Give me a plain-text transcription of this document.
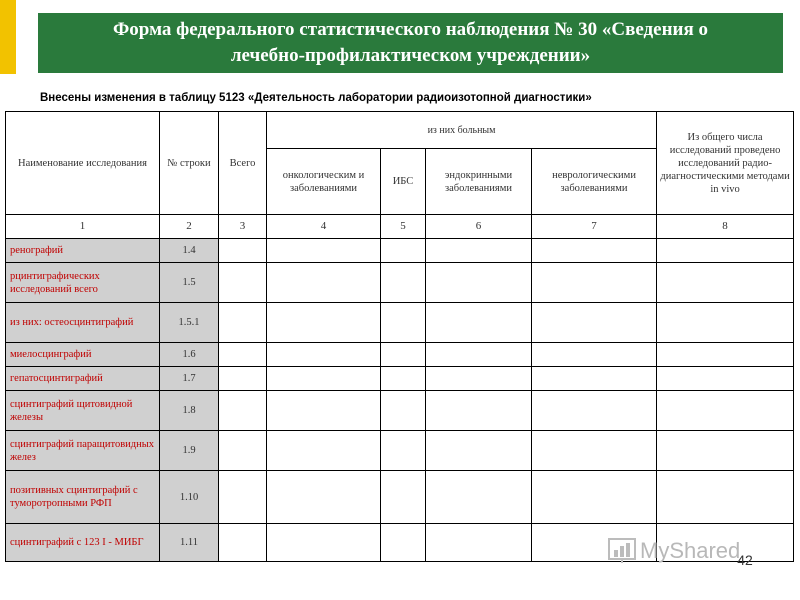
Форма федерального статистического наблюдения № 30 «Сведения о
лечебно-профилактическом учреждении»
Внесены изменения в таблицу 5123 «Деятельность лаборатории радиоизотопной диагностики»
Наименование исследования	№ строки	Всего	из них больным				Из общего числа исследований проведено исследований радио-диагностическими методами in vivo
			онкологическим и заболеваниями	ИБС	эндокринными заболеваниями	неврологическими заболеваниями	
1	2	3	4	5	6	7	8
ренографий	1.4						
рцинтиграфических исследований всего	1.5						
из них: остеосцинтиграфий	1.5.1						
миелосцинграфий	1.6						
гепатосцинтиграфий	1.7						
сцинтиграфий щитовидной железы	1.8						
сцинтиграфий паращитовидных желез	1.9						
позитивных сцинтиграфий с туморотропными РФП	1.10						
сцинтиграфий с 123 I - МИБГ	1.11							MyShared
42
